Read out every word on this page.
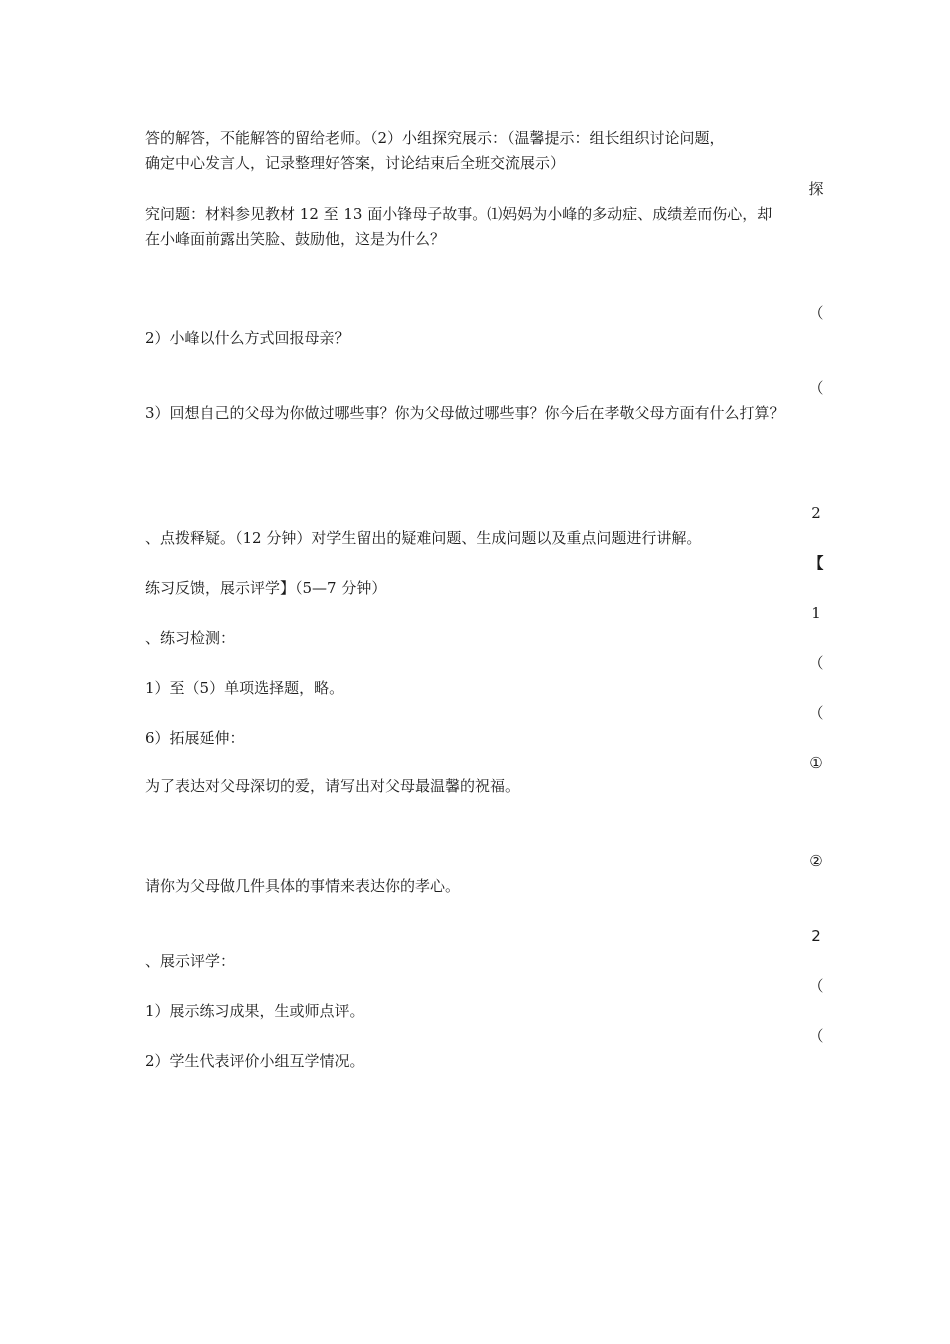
答的解答，不能解答的留给老师。（2）小组探究展示：（温馨提示：组长组织讨论问题，
确定中心发言人，记录整理好答案，讨论结束后全班交流展示）
探
究问题：材料参见教材 12 至 13 面小锋母子故事。⑴妈妈为小峰的多动症、成绩差而伤心，却
在小峰面前露出笑脸、鼓励他，这是为什么？
（
2）小峰以什么方式回报母亲？
（
3）回想自己的父母为你做过哪些事？你为父母做过哪些事？你今后在孝敬父母方面有什么打算？
2
、点拨释疑。（12 分钟）对学生留出的疑难问题、生成问题以及重点问题进行讲解。
【
练习反馈，展示评学】（5—7 分钟）
1
、练习检测：
（
1）至（5）单项选择题，略。
（
6）拓展延伸：
①
为了表达对父母深切的爱，请写出对父母最温馨的祝福。
②
请你为父母做几件具体的事情来表达你的孝心。
2
、展示评学：
（
1）展示练习成果，生或师点评。
（
2）学生代表评价小组互学情况。
